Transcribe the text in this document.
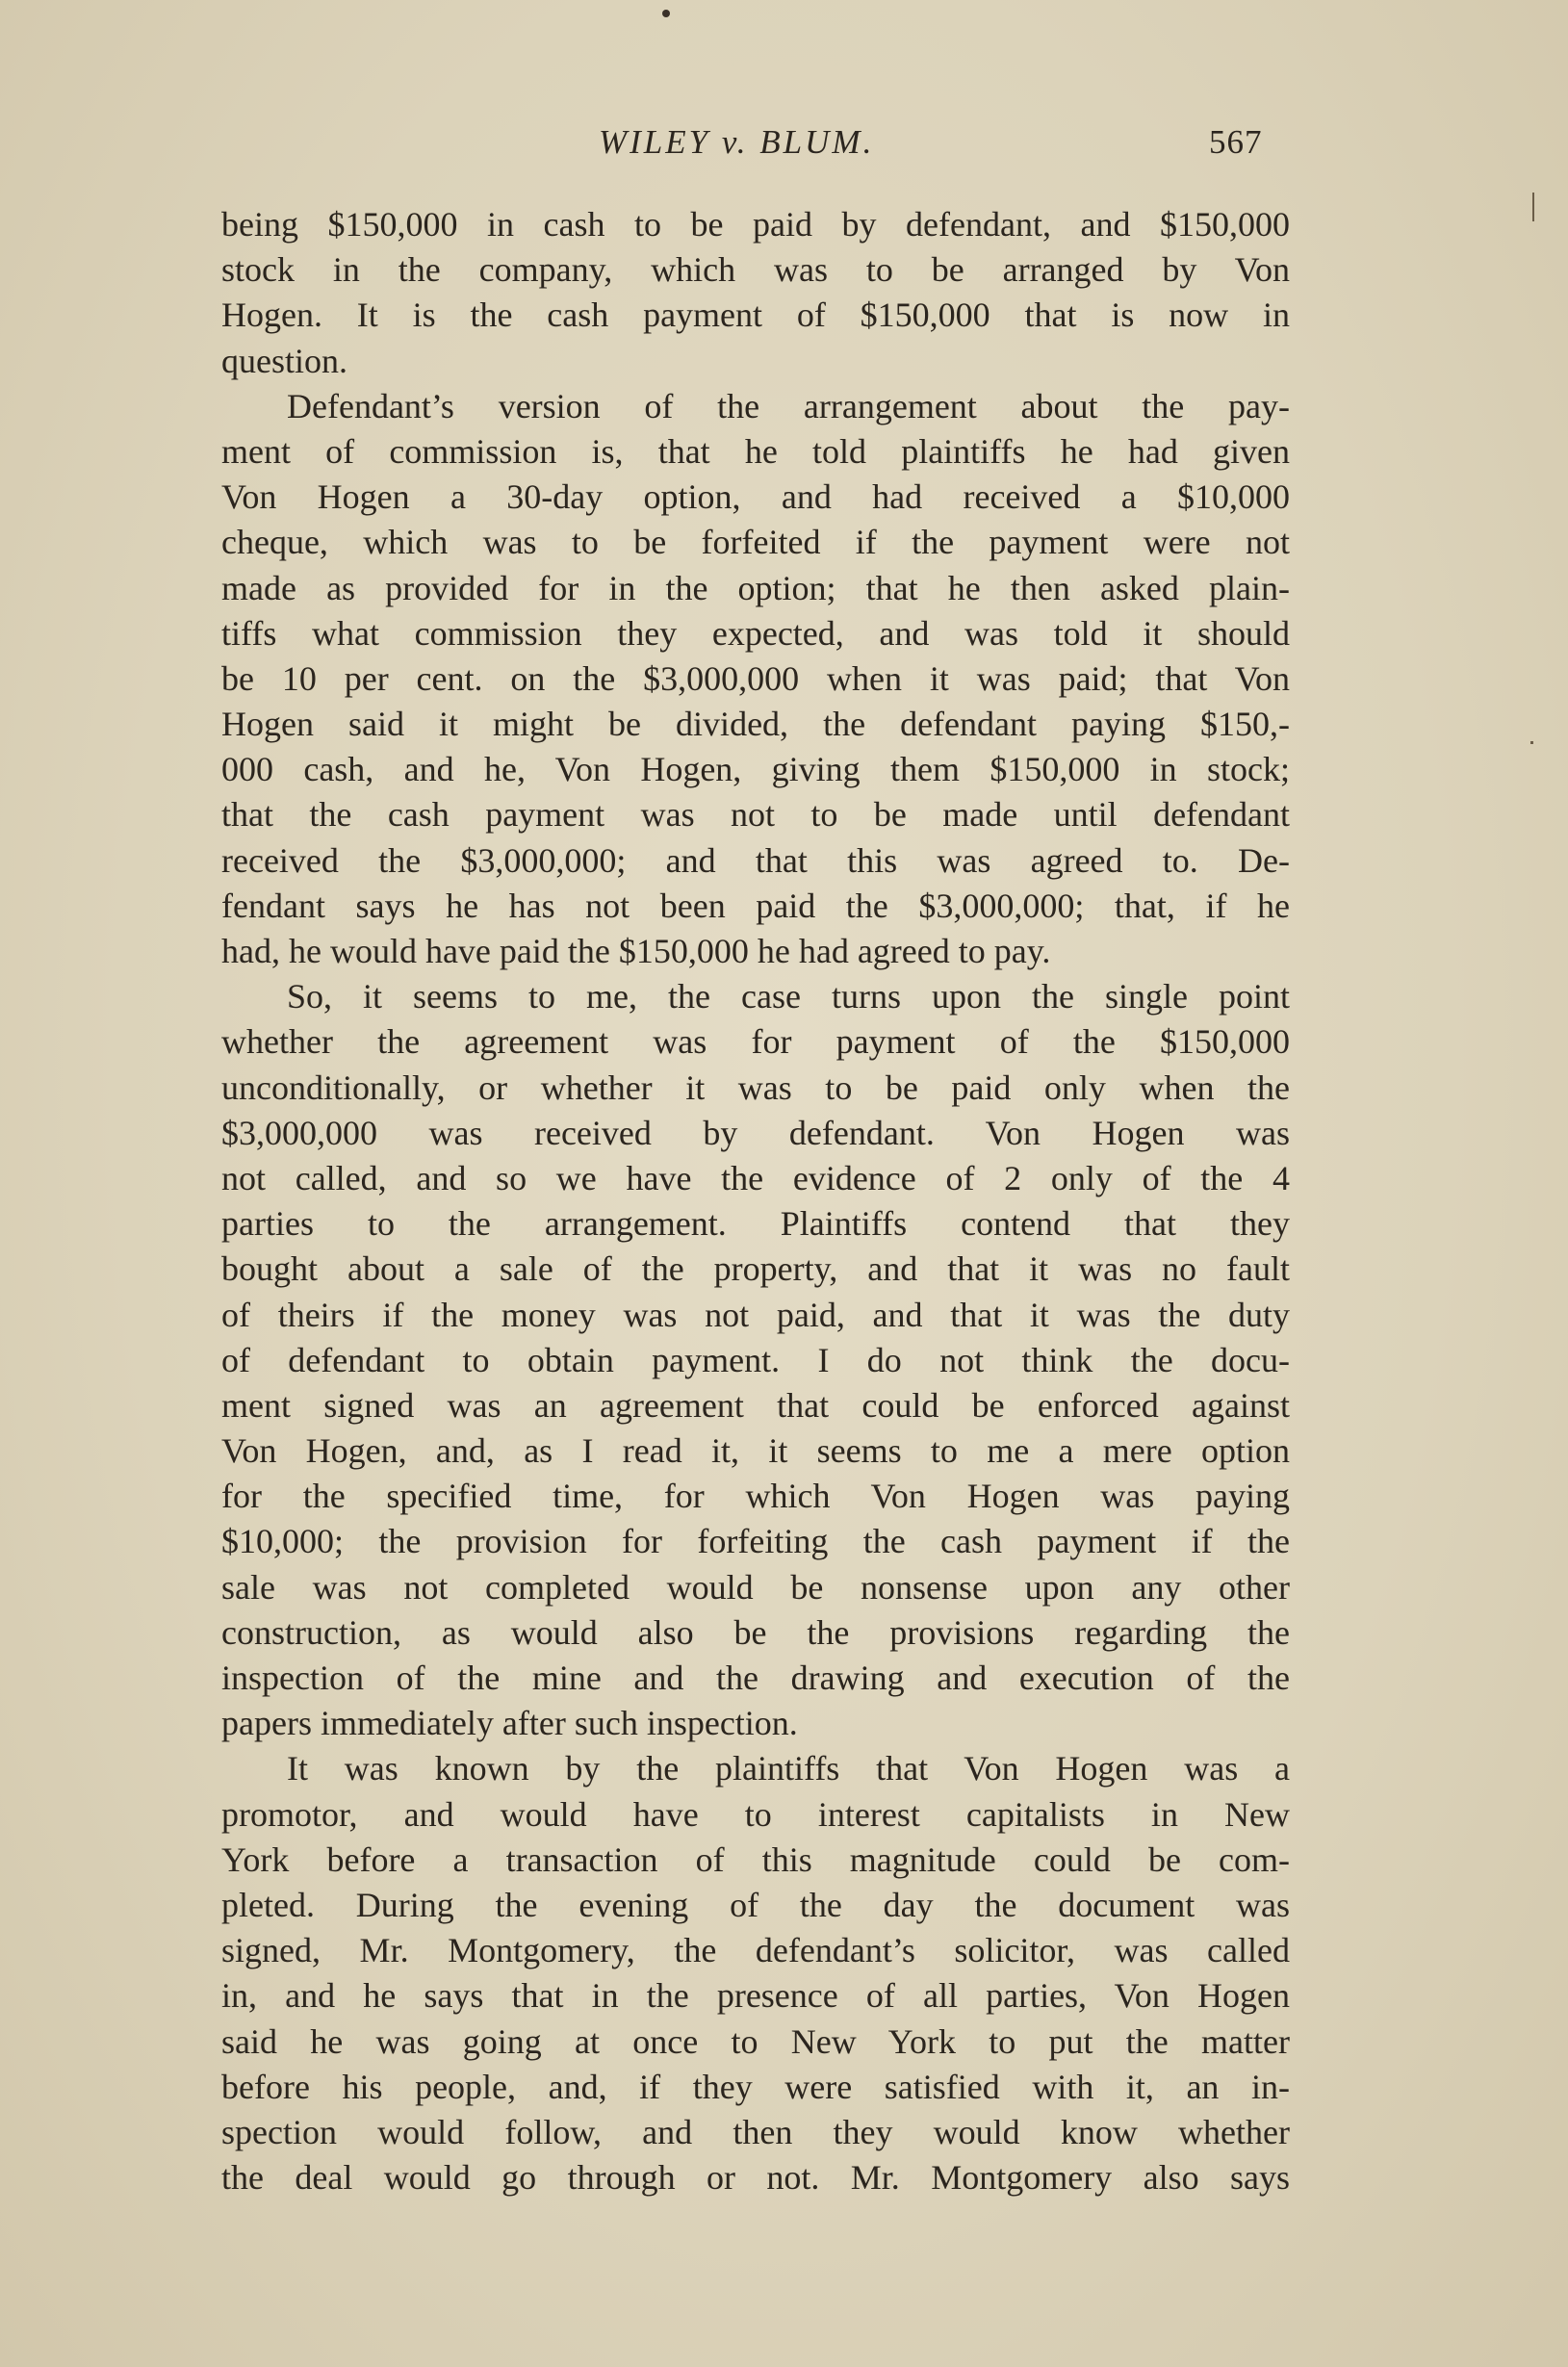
WILEY v. BLUM.	567
being $150,000 in cash to be paid by defendant, and $150,000
stock in the company, which was to be arranged by Von
Hogen. It is the cash payment of $150,000 that is now in
question.
Defendant’s version of the arrangement about the pay-
ment of commission is, that he told plaintiffs he had given
Von Hogen a 30-day option, and had received a $10,000
cheque, which was to be forfeited if the payment were not
made as provided for in the option; that he then asked plain-
tiffs what commission they expected, and was told it should
be 10 per cent. on the $3,000,000 when it was paid; that Von
Hogen said it might be divided, the defendant paying $150,-
000 cash, and he, Von Hogen, giving them $150,000 in stock;
that the cash payment was not to be made until defendant
received the $3,000,000; and that this was agreed to. De-
fendant says he has not been paid the $3,000,000; that, if he
had, he would have paid the $150,000 he had agreed to pay.
So, it seems to me, the case turns upon the single point
whether the agreement was for payment of the $150,000
unconditionally, or whether it was to be paid only when the
$3,000,000 was received by defendant. Von Hogen was
not called, and so we have the evidence of 2 only of the 4
parties to the arrangement. Plaintiffs contend that they
bought about a sale of the property, and that it was no fault
of theirs if the money was not paid, and that it was the duty
of defendant to obtain payment. I do not think the docu-
ment signed was an agreement that could be enforced against
Von Hogen, and, as I read it, it seems to me a mere option
for the specified time, for which Von Hogen was paying
$10,000; the provision for forfeiting the cash payment if the
sale was not completed would be nonsense upon any other
construction, as would also be the provisions regarding the
inspection of the mine and the drawing and execution of the
papers immediately after such inspection.
It was known by the plaintiffs that Von Hogen was a
promotor, and would have to interest capitalists in New
York before a transaction of this magnitude could be com-
pleted. During the evening of the day the document was
signed, Mr. Montgomery, the defendant’s solicitor, was called
in, and he says that in the presence of all parties, Von Hogen
said he was going at once to New York to put the matter
before his people, and, if they were satisfied with it, an in-
spection would follow, and then they would know whether
the deal would go through or not. Mr. Montgomery also says
